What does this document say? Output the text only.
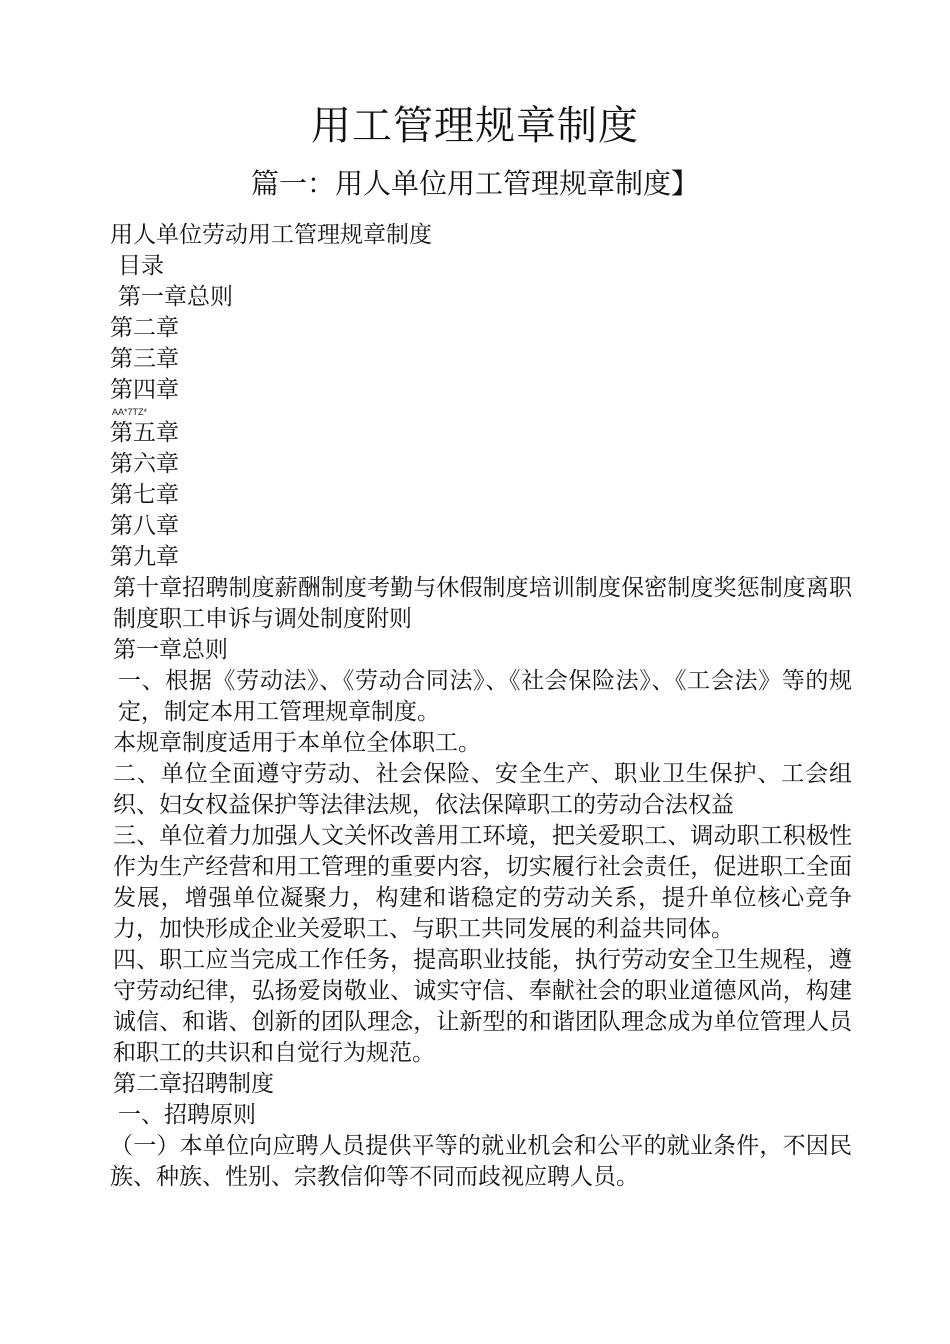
用工管理规章制度
篇一：用人单位用工管理规章制度】
用人单位劳动用工管理规章制度
目录
第一章总则
第二章
第三章
第四章
AA*7TZ*
第五章
第六章
第七章
第八章
第九章
第十章招聘制度薪酬制度考勤与休假制度培训制度保密制度奖惩制度离职制度职工申诉与调处制度附则
第一章总则
一、根据《劳动法》、《劳动合同法》、《社会保险法》、《工会法》等的规定，制定本用工管理规章制度。
本规章制度适用于本单位全体职工。
二、单位全面遵守劳动、社会保险、安全生产、职业卫生保护、工会组织、妇女权益保护等法律法规，依法保障职工的劳动合法权益
三、单位着力加强人文关怀改善用工环境，把关爱职工、调动职工积极性作为生产经营和用工管理的重要内容，切实履行社会责任，促进职工全面发展，增强单位凝聚力，构建和谐稳定的劳动关系，提升单位核心竞争力，加快形成企业关爱职工、与职工共同发展的利益共同体。
四、职工应当完成工作任务，提高职业技能，执行劳动安全卫生规程，遵守劳动纪律，弘扬爱岗敬业、诚实守信、奉献社会的职业道德风尚，构建诚信、和谐、创新的团队理念，让新型的和谐团队理念成为单位管理人员和职工的共识和自觉行为规范。
第二章招聘制度
一、招聘原则
（一）本单位向应聘人员提供平等的就业机会和公平的就业条件，不因民族、种族、性别、宗教信仰等不同而歧视应聘人员。
